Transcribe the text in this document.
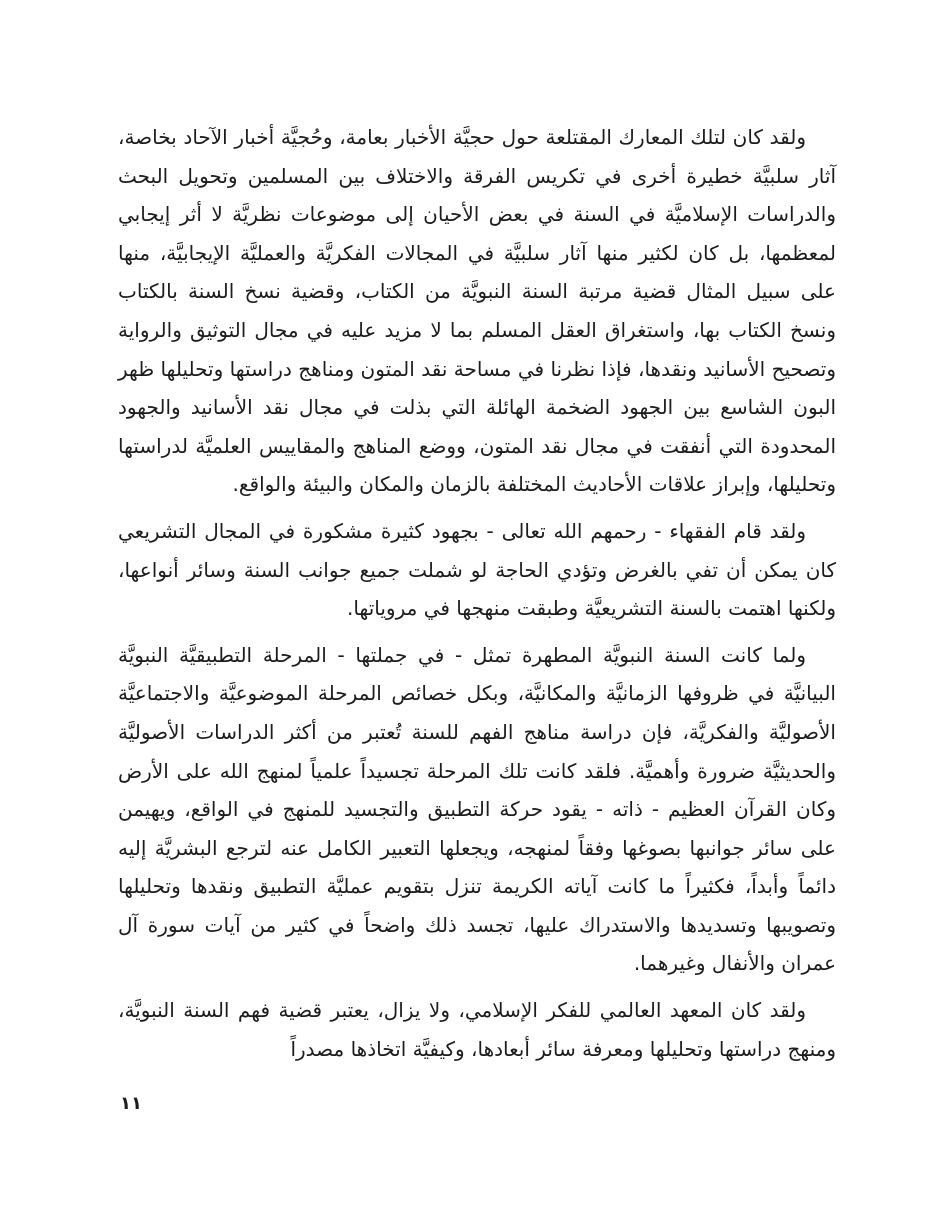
ولقد كان لتلك المعارك المقتلعة حول حجيَّة الأخبار بعامة، وحُجيَّة أخبار الآحاد بخاصة، آثار سلبيَّة خطيرة أخرى في تكريس الفرقة والاختلاف بين المسلمين وتحويل البحث والدراسات الإسلاميَّة في السنة في بعض الأحيان إلى موضوعات نظريَّة لا أثر إيجابي لمعظمها، بل كان لكثير منها آثار سلبيَّة في المجالات الفكريَّة والعمليَّة الإيجابيَّة، منها على سبيل المثال قضية مرتبة السنة النبويَّة من الكتاب، وقضية نسخ السنة بالكتاب ونسخ الكتاب بها، واستغراق العقل المسلم بما لا مزيد عليه في مجال التوثيق والرواية وتصحيح الأسانيد ونقدها، فإذا نظرنا في مساحة نقد المتون ومناهج دراستها وتحليلها ظهر البون الشاسع بين الجهود الضخمة الهائلة التي بذلت في مجال نقد الأسانيد والجهود المحدودة التي أنفقت في مجال نقد المتون، ووضع المناهج والمقاييس العلميَّة لدراستها وتحليلها، وإبراز علاقات الأحاديث المختلفة بالزمان والمكان والبيئة والواقع.

ولقد قام الفقهاء - رحمهم الله تعالى - بجهود كثيرة مشكورة في المجال التشريعي كان يمكن أن تفي بالغرض وتؤدي الحاجة لو شملت جميع جوانب السنة وسائر أنواعها، ولكنها اهتمت بالسنة التشريعيَّة وطبقت منهجها في مروياتها.

ولما كانت السنة النبويَّة المطهرة تمثل - في جملتها - المرحلة التطبيقيَّة النبويَّة البيانيَّة في ظروفها الزمانيَّة والمكانيَّة، وبكل خصائص المرحلة الموضوعيَّة والاجتماعيَّة الأصوليَّة والفكريَّة، فإن دراسة مناهج الفهم للسنة تُعتبر من أكثر الدراسات الأصوليَّة والحديثيَّة ضرورة وأهميَّة. فلقد كانت تلك المرحلة تجسيداً علمياً لمنهج الله على الأرض وكان القرآن العظيم - ذاته - يقود حركة التطبيق والتجسيد للمنهج في الواقع، ويهيمن على سائر جوانبها بصوغها وفقاً لمنهجه، ويجعلها التعبير الكامل عنه لترجع البشريَّة إليه دائماً وأبداً، فكثيراً ما كانت آياته الكريمة تنزل بتقويم عمليَّة التطبيق ونقدها وتحليلها وتصويبها وتسديدها والاستدراك عليها، تجسد ذلك واضحاً في كثير من آيات سورة آل عمران والأنفال وغيرهما.

ولقد كان المعهد العالمي للفكر الإسلامي، ولا يزال، يعتبر قضية فهم السنة النبويَّة، ومنهج دراستها وتحليلها ومعرفة سائر أبعادها، وكيفيَّة اتخاذها مصدراً

١١
